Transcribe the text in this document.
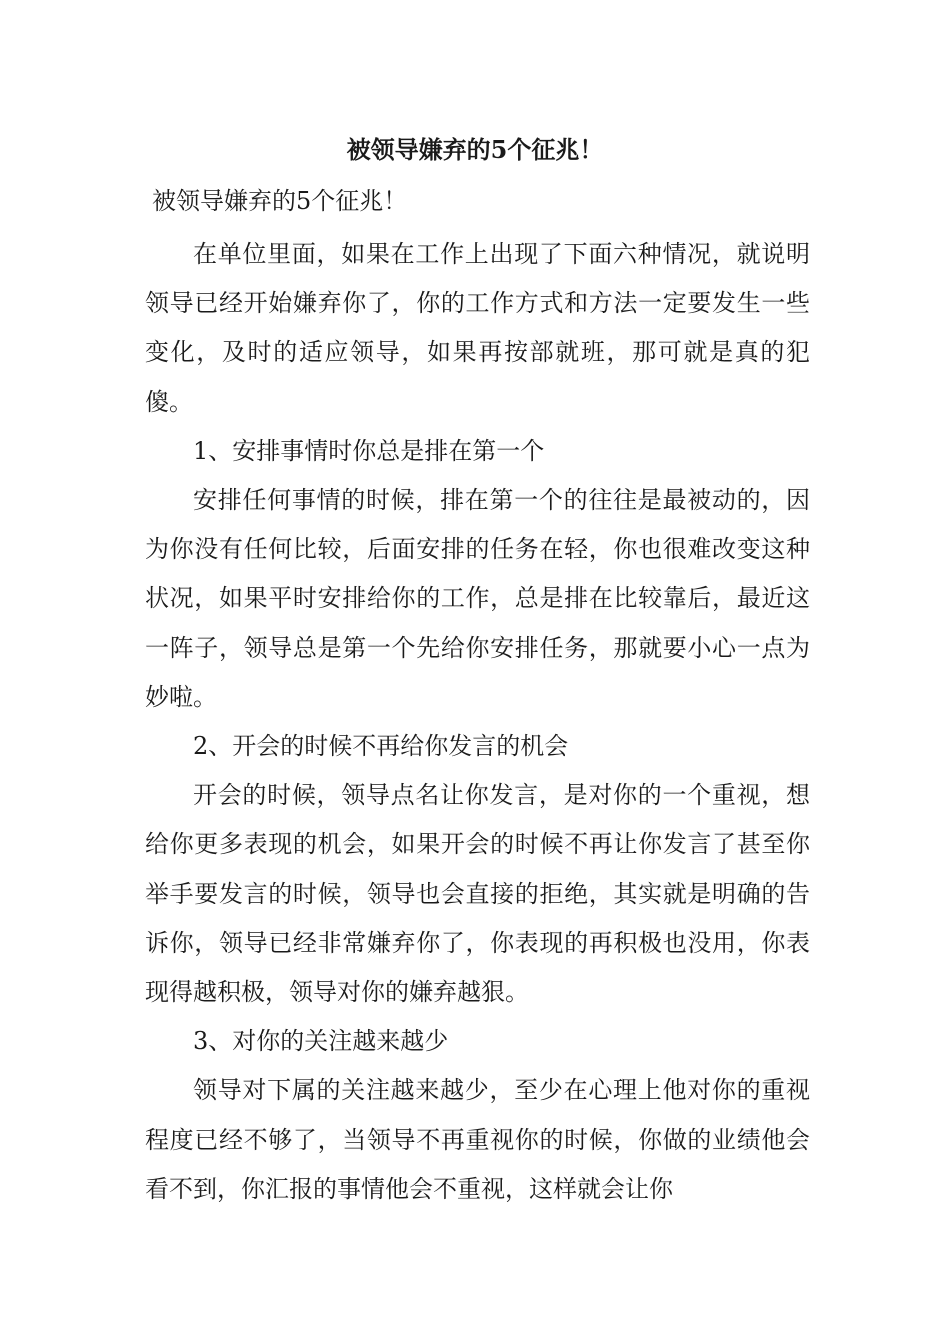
被领导嫌弃的5个征兆！
被领导嫌弃的5个征兆！

在单位里面，如果在工作上出现了下面六种情况，就说明领导已经开始嫌弃你了，你的工作方式和方法一定要发生一些变化，及时的适应领导，如果再按部就班，那可就是真的犯傻。

1、安排事情时你总是排在第一个

安排任何事情的时候，排在第一个的往往是最被动的，因为你没有任何比较，后面安排的任务在轻，你也很难改变这种状况，如果平时安排给你的工作，总是排在比较靠后，最近这一阵子，领导总是第一个先给你安排任务，那就要小心一点为妙啦。

2、开会的时候不再给你发言的机会

开会的时候，领导点名让你发言，是对你的一个重视，想给你更多表现的机会，如果开会的时候不再让你发言了甚至你举手要发言的时候，领导也会直接的拒绝，其实就是明确的告诉你，领导已经非常嫌弃你了，你表现的再积极也没用，你表现得越积极，领导对你的嫌弃越狠。

3、对你的关注越来越少

领导对下属的关注越来越少，至少在心理上他对你的重视程度已经不够了，当领导不再重视你的时候，你做的业绩他会看不到，你汇报的事情他会不重视，这样就会让你
